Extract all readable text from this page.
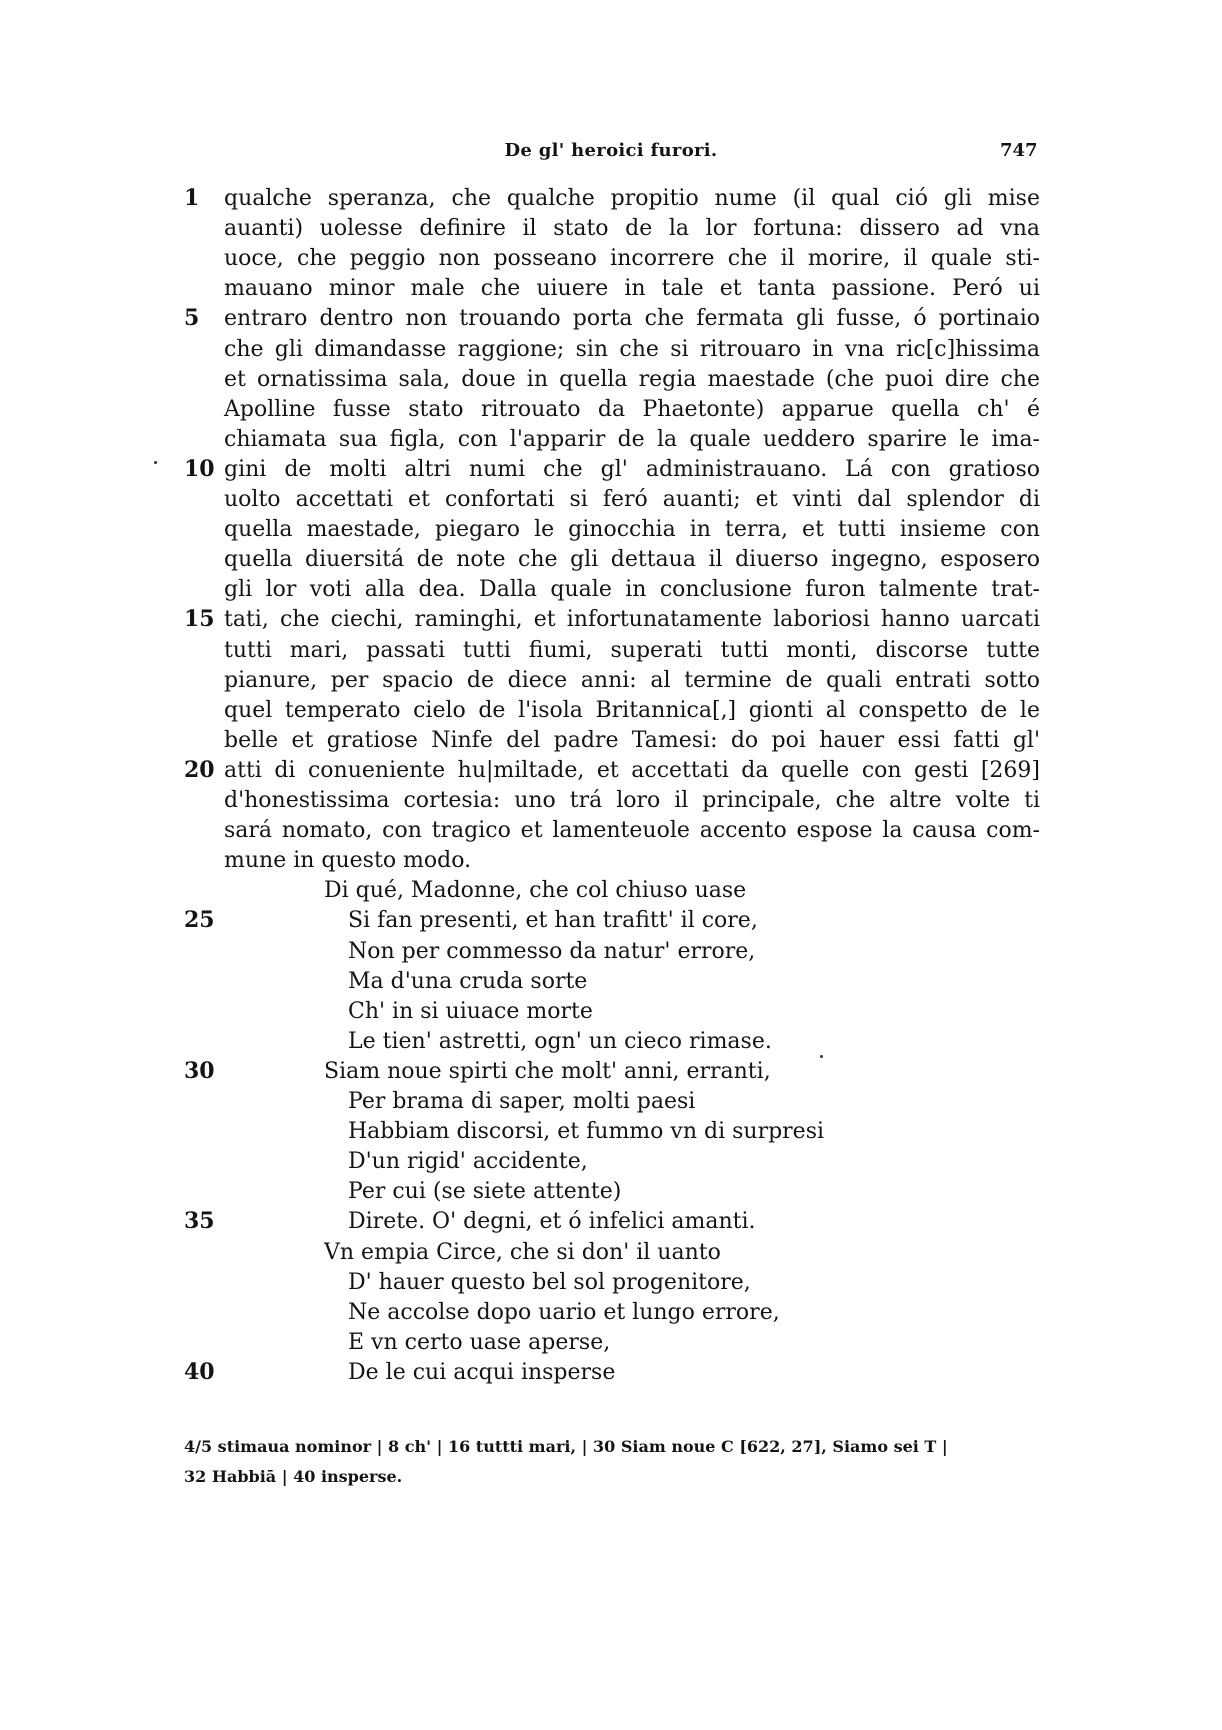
De gl' heroici furori.	747
1	qualche speranza, che qualche propitio nume (il qual ció gli mise
auanti) uolesse definire il stato de la lor fortuna: dissero ad vna
uoce, che peggio non posseano incorrere che il morire, il quale sti-
mauano minor male che uiuere in tale et tanta passione. Peró ui
5	entraro dentro non trouando porta che fermata gli fusse, ó portinaio
che gli dimandasse raggione; sin che si ritrouaro in vna ric[c]hissima
et ornatissima sala, doue in quella regia maestade (che puoi dire che
Apolline fusse stato ritrouato da Phaetonte) apparue quella ch' é
chiamata sua figla, con l'apparir de la quale ueddero sparire le ima-
10 gini de molti altri numi che gl' administrauano. Lá con gratioso
uolto accettati et confortati si feró auanti; et vinti dal splendor di
quella maestade, piegaro le ginocchia in terra, et tutti insieme con
quella diuersitá de note che gli dettaua il diuerso ingegno, esposero
gli lor voti alla dea. Dalla quale in conclusione furon talmente trat-
15 tati, che ciechi, raminghi, et infortunatamente laboriosi hanno uarcati
tutti mari, passati tutti fiumi, superati tutti monti, discorse tutte
pianure, per spacio de diece anni: al termine de quali entrati sotto
quel temperato cielo de l'isola Britannica[,] gionti al conspetto de le
belle et gratiose Ninfe del padre Tamesi: do poi hauer essi fatti gl'
20 atti di conueniente hu|miltade, et accettati da quelle con gesti [269]
d'honestissima cortesia: uno trá loro il principale, che altre volte ti
sará nomato, con tragico et lamenteuole accento espose la causa com-
mune in questo modo.
Di qué, Madonne, che col chiuso uase
25	Si fan presenti, et han trafitt' il core,
Non per commesso da natur' errore,
Ma d'una cruda sorte
Ch' in si uiuace morte
Le tien' astretti, ogn' un cieco rimase.
30	Siam noue spirti che molt' anni, erranti,
Per brama di saper, molti paesi
Habbiam discorsi, et fummo vn di surpresi
D'un rigid' accidente,
Per cui (se siete attente)
35	Direte. O' degni, et ó infelici amanti.
Vn empia Circe, che si don' il uanto
D' hauer questo bel sol progenitore,
Ne accolse dopo uario et lungo errore,
E vn certo uase aperse,
40	De le cui acqui insperse
4/5 stimaua nominor | 8 ch' | 16 tuttti mari, | 30 Siam noue C [622, 27], Siamo sei T |
32 Habbiā | 40 insperse.
